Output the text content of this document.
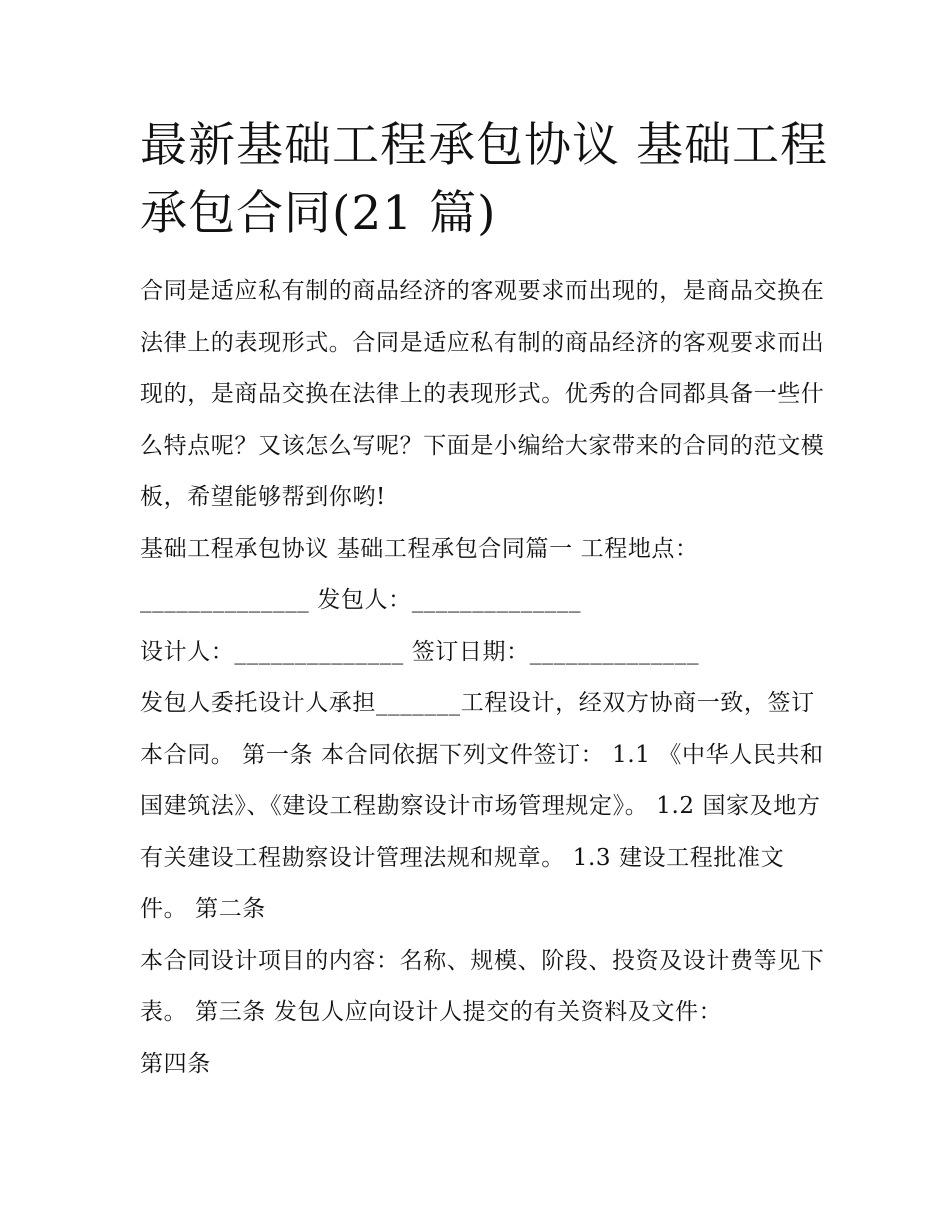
最新基础工程承包协议 基础工程承包合同(21 篇)

合同是适应私有制的商品经济的客观要求而出现的，是商品交换在法律上的表现形式。合同是适应私有制的商品经济的客观要求而出现的，是商品交换在法律上的表现形式。优秀的合同都具备一些什么特点呢？又该怎么写呢？下面是小编给大家带来的合同的范文模板，希望能够帮到你哟!

基础工程承包协议 基础工程承包合同篇一 工程地点：

______________ 发包人：______________

设计人：______________ 签订日期：______________

发包人委托设计人承担_______工程设计，经双方协商一致，签订本合同。 第一条 本合同依据下列文件签订： 1.1 《中华人民共和国建筑法》、《建设工程勘察设计市场管理规定》。 1.2 国家及地方有关建设工程勘察设计管理法规和规章。 1.3 建设工程批准文件。 第二条

本合同设计项目的内容：名称、规模、阶段、投资及设计费等见下表。 第三条 发包人应向设计人提交的有关资料及文件：

第四条
